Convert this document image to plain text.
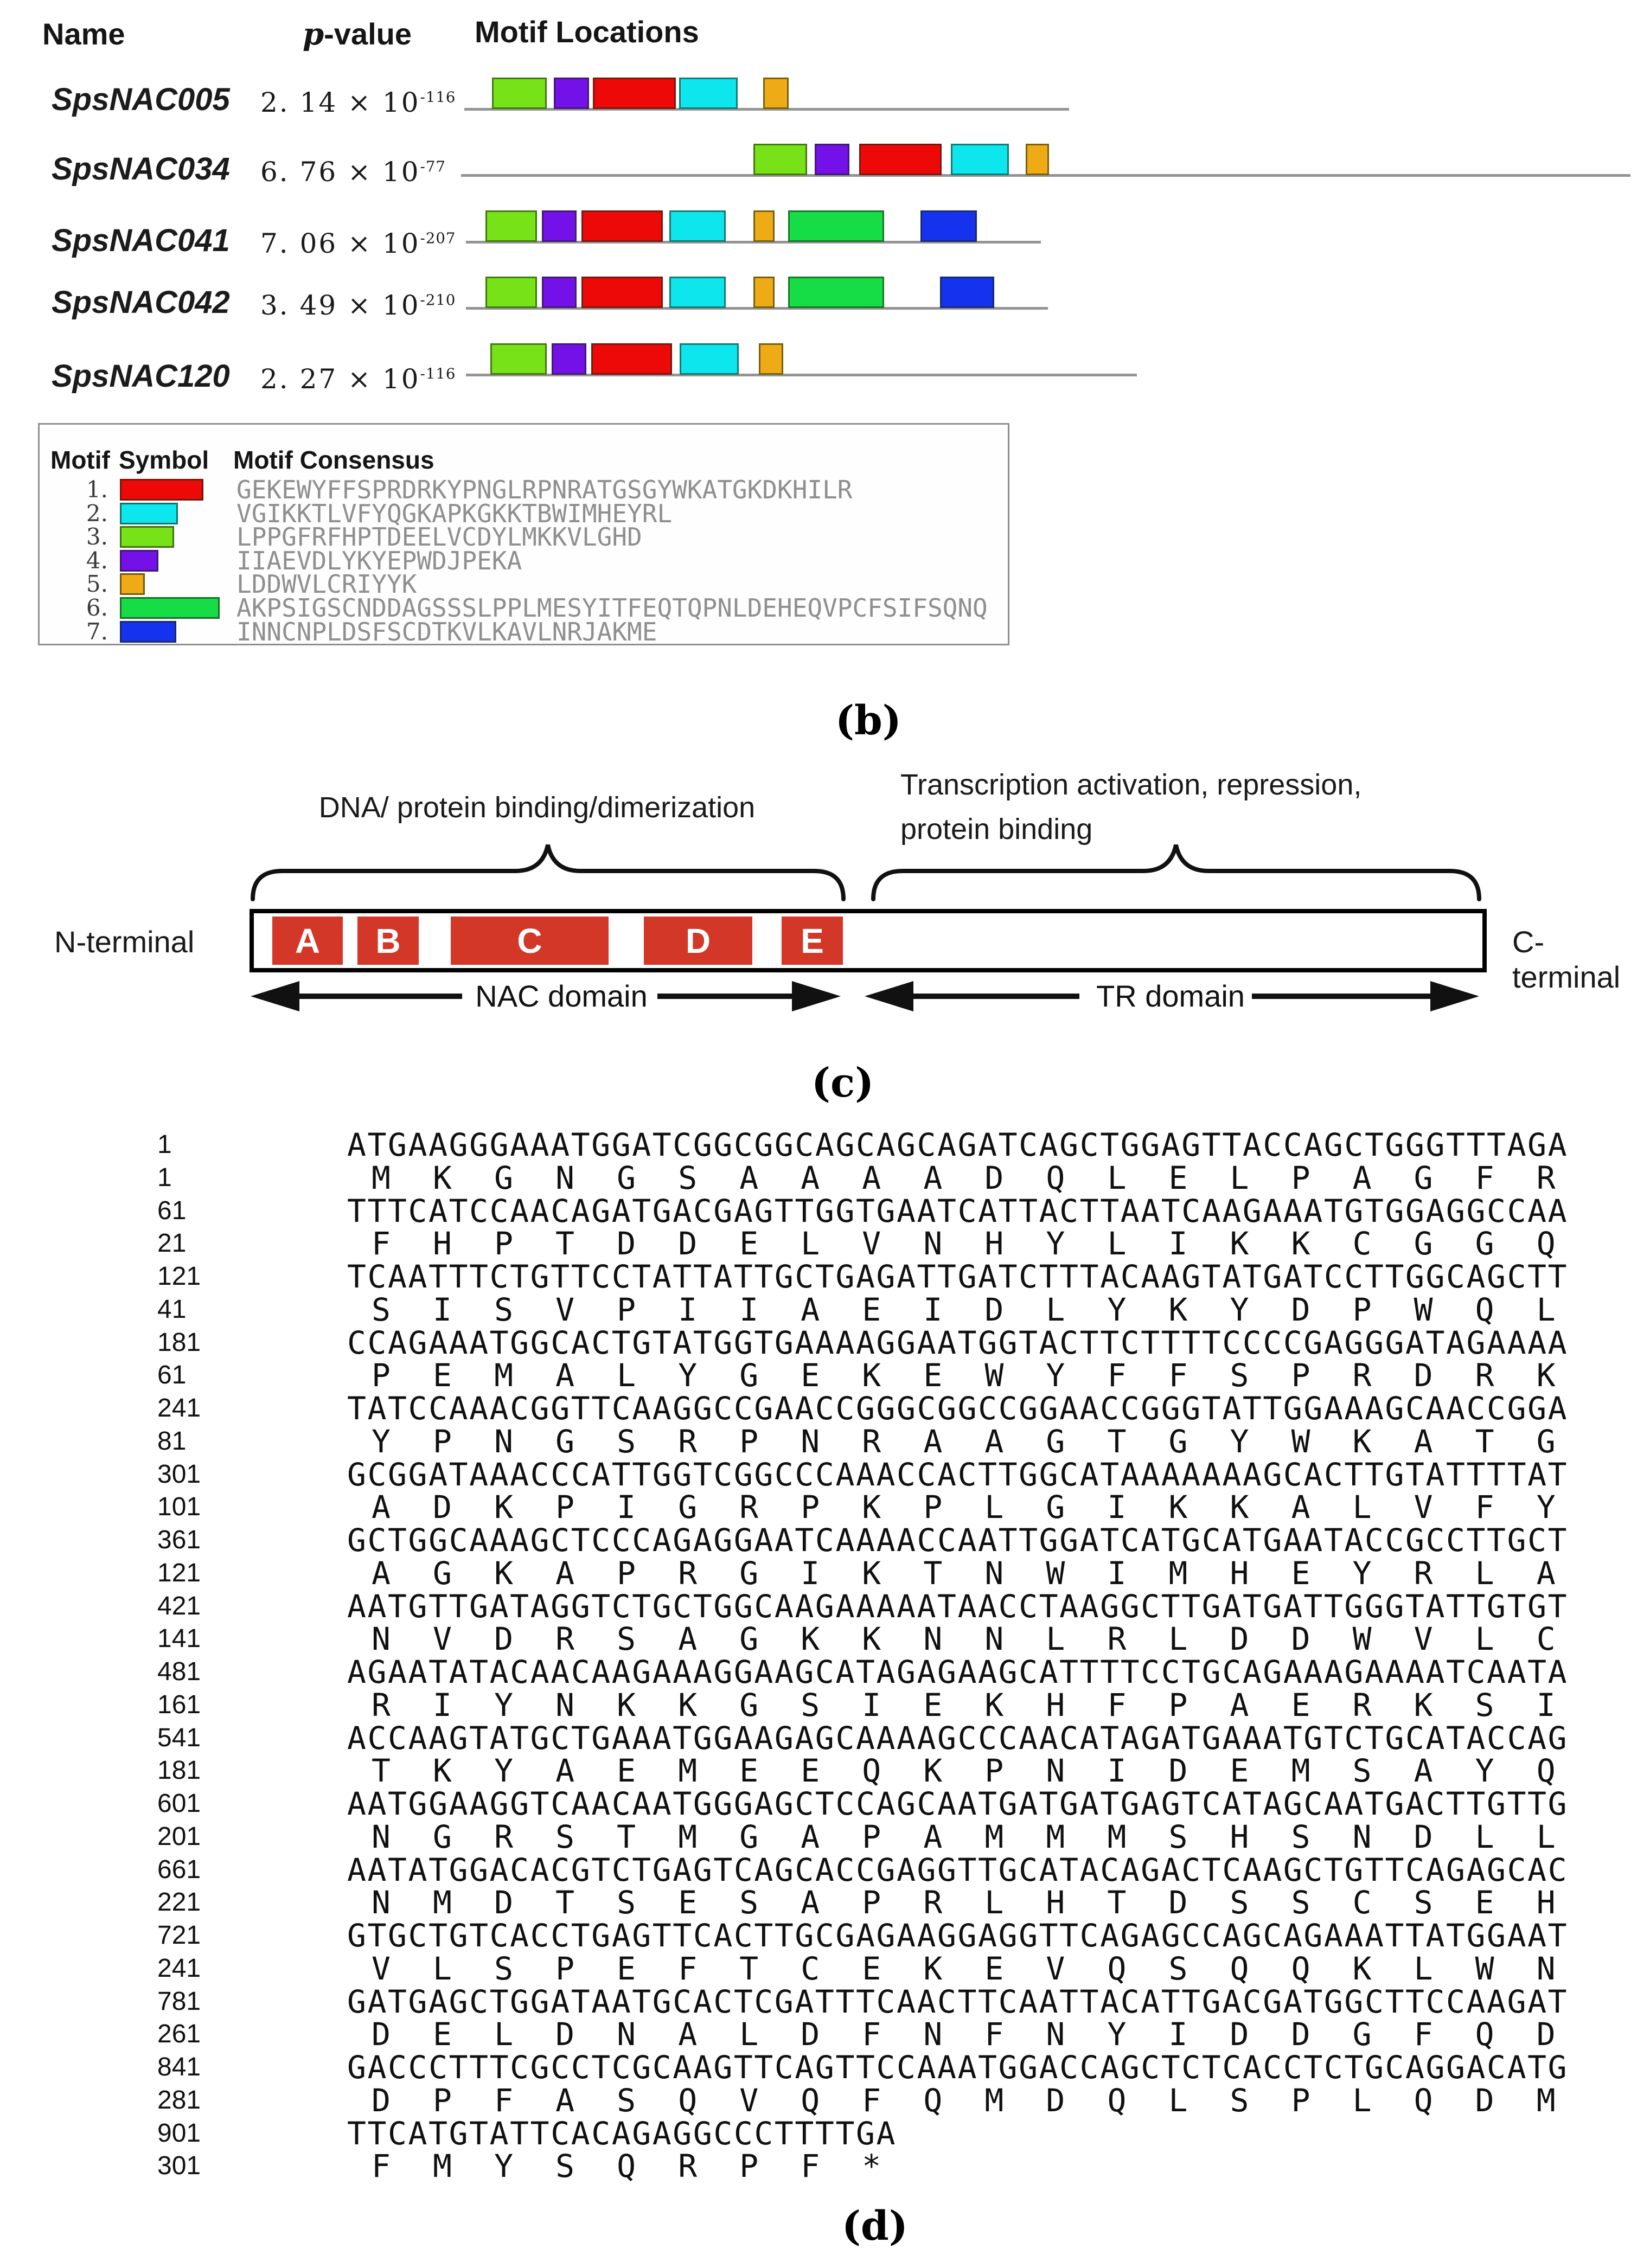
Name	p-value Motif Locations
SpsNAC005 2. $14 \times 10^{-116}$
SpsNAC034 6. $76 \times 10^{-77}$
SpsNAC041 7. $06 \times 10^{-207}$
SpsNAC042 3. $49 \times 10^{-210}$
SpsNAC120 2. $27 \times 10^{-116}$
Motif Symbol Motif Consensus
1.	GEKEWYFFSPRDRKYPNGLRPNRATGSGYWKATGKDKHILR
2.	VGIKKTLVFYQGKAPKGKKTBWIMHEYRL
3.	LPPGFRFHPTDEELVCDYLMKKVLGHD
4.	IIAEVDLYKYEPWDJPEKA
5.	LDDWVLCRIYYK
6.	AKPSIGSCNDDAGSSSLPPLMESYITFEQTQPNLDEHEQVPCFSIFSQNQ
7.	INNCNPLDSFSCDTKVLKAVLNRJAKME
(b)
DNA/ protein binding/dimerization
Transcription activation, repression,
protein binding
A	B	C	D	E
N-terminal	C-terminal
NAC domain	TR domain
(c)
1	ATGAAGGGAAATGGATCGGCGGCAGCAGCAGATCAGCTGGAGTTACCAGCTGGGTTTAGA
1	M K G N G S A A A A D Q L E L P A G F R
61	TTTCATCCAACAGATGACGAGTTGGTGAATCATTACTTAATCAAGAAATGTGGAGGCCAA
21	F H P T D D E L V N H Y L I K K C G G Q
121	TCAATTTCTGTTCCTATTATTGCTGAGATTGATCTTTACAAGTATGATCCTTGGCAGCTT
41	S I S V P I I A E I D L Y K Y D P W Q L
181	CCAGAAATGGCACTGTATGGTGAAAAGGAATGGTACTTCTTTTCCCCGAGGGATAGAAAA
61	P E M A L Y G E K E W Y F F S P R D R K
241	TATCCAAACGGTTCAAGGCCGAACCGGGCGGCCGGAACCGGGTATTGGAAAGCAACCGGA
81	Y P N G S R P N R A A G T G Y W K A T G
301	GCGGATAAACCCATTGGTCGGCCCAAACCACTTGGCATAAAAAAAGCACTTGTATTTTAT
101	A D K P I G R P K P L G I K K A L V F Y
361	GCTGGCAAAGCTCCCAGAGGAATCAAAACCAATTGGATCATGCATGAATACCGCCTTGCT
121	A G K A P R G I K T N W I M H E Y R L A
421	AATGTTGATAGGTCTGCTGGCAAGAAAAATAACCTAAGGCTTGATGATTGGGTATTGTGT
141	N V D R S A G K K N N L R L D D W V L C
481	AGAATATACAACAAGAAAGGAAGCATAGAGAAGCATTTTCCTGCAGAAAGAAAATCAATA
161	R I Y N K K G S I E K H F P A E R K S I
541	ACCAAGTATGCTGAAATGGAAGAGCAAAAGCCCAACATAGATGAAATGTCTGCATACCAG
181	T K Y A E M E E Q K P N I D E M S A Y Q
601	AATGGAAGGTCAACAATGGGAGCTCCAGCAATGATGATGAGTCATAGCAATGACTTGTTG
201	N G R S T M G A P A M M M S H S N D L L
661	AATATGGACACGTCTGAGTCAGCACCGAGGTTGCATACAGACTCAAGCTGTTCAGAGCAC
221	N M D T S E S A P R L H T D S S C S E H
721	GTGCTGTCACCTGAGTTCACTTGCGAGAAGGAGGTTCAGAGCCAGCAGAAATTATGGAAT
241	V L S P E F T C E K E V Q S Q Q K L W N
781	GATGAGCTGGATAATGCACTCGATTTCAACTTCAATTACATTGACGATGGCTTCCAAGAT
261	D E L D N A L D F N F N Y I D D G F Q D
841	GACCCTTTCGCCTCGCAAGTTCAGTTCCAAATGGACCAGCTCTCACCTCTGCAGGACATG
281	D P F A S Q V Q F Q M D Q L S P L Q D M
901	TTCATGTATTCACAGAGGCCCTTTTGA
301	F M Y S Q R P F *
(d)
